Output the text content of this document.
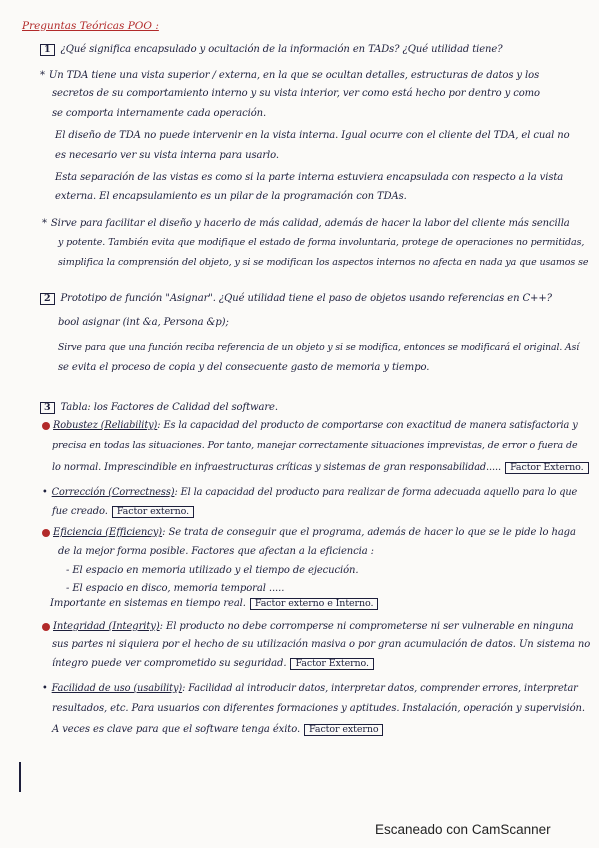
Preguntas Teóricas POO :
1 ¿Qué significa encapsulado y ocultación de la información en TADs? ¿Qué utilidad tiene?
* Un TDA tiene una vista superior / externa, en la que se ocultan detalles, estructuras de datos y los
secretos de su comportamiento interno y su vista interior, ver como está hecho por dentro y como
se comporta internamente cada operación.
El diseño de TDA no puede intervenir en la vista interna. Igual ocurre con el cliente del TDA, el cual no
es necesario ver su vista interna para usarlo.
Esta separación de las vistas es como si la parte interna estuviera encapsulada con respecto a la vista
externa. El encapsulamiento es un pilar de la programación con TDAs.
* Sirve para facilitar el diseño y hacerlo de más calidad, además de hacer la labor del cliente más sencilla
y potente. También evita que modifique el estado de forma involuntaria, protege de operaciones no permitidas,
simplifica la comprensión del objeto, y si se modifican los aspectos internos no afecta en nada ya que usamos se
2 Prototipo de función "Asignar". ¿Qué utilidad tiene el paso de objetos usando referencias en C++?
bool asignar (int &a, Persona &p);
Sirve para que una función reciba referencia de un objeto y si se modifica, entonces se modificará el original. Así
se evita el proceso de copia y del consecuente gasto de memoria y tiempo.
3 Tabla: los Factores de Calidad del software.
Robustez (Reliability): Es la capacidad del producto de comportarse con exactitud de manera satisfactoria y
precisa en todas las situaciones. Por tanto, manejar correctamente situaciones imprevistas, de error o fuera de
lo normal. Imprescindible en infraestructuras críticas y sistemas de gran responsabilidad..... Factor Externo.
• Corrección (Correctness): El la capacidad del producto para realizar de forma adecuada aquello para lo que
fue creado. Factor externo.
Eficiencia (Efficiency): Se trata de conseguir que el programa, además de hacer lo que se le pide lo haga
de la mejor forma posible. Factores que afectan a la eficiencia :
- El espacio en memoria utilizado y el tiempo de ejecución.
- El espacio en disco, memoria temporal .....
Importante en sistemas en tiempo real. Factor externo e Interno.
Integridad (Integrity): El producto no debe corromperse ni comprometerse ni ser vulnerable en ninguna
sus partes ni siquiera por el hecho de su utilización masiva o por gran acumulación de datos. Un sistema no
íntegro puede ver comprometido su seguridad. Factor Externo.
• Facilidad de uso (usability): Facilidad al introducir datos, interpretar datos, comprender errores, interpretar
resultados, etc. Para usuarios con diferentes formaciones y aptitudes. Instalación, operación y supervisión.
A veces es clave para que el software tenga éxito. Factor externo
Escaneado con CamScanner
